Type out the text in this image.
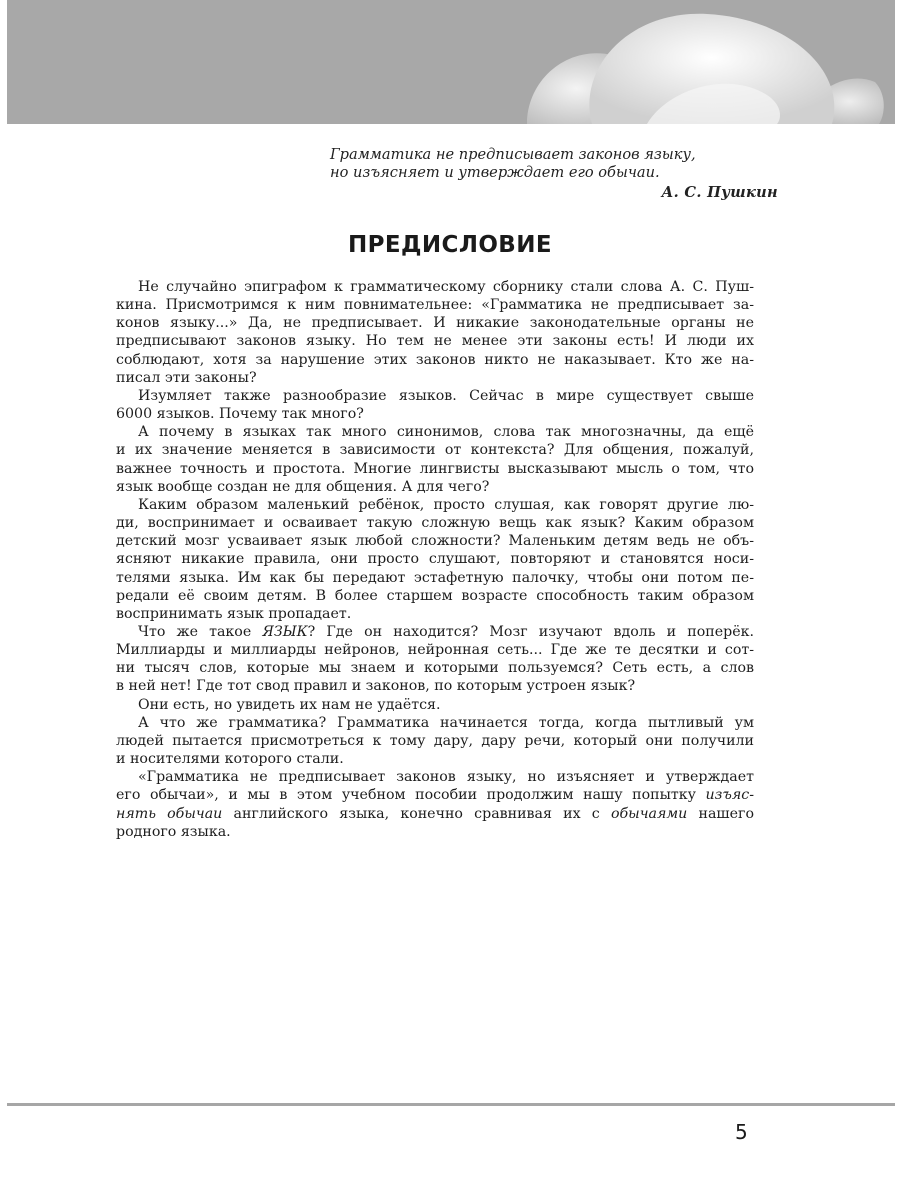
Грамматика не предписывает законов языку,
но изъясняет и утверждает его обычаи.
А. С. Пушкин
ПРЕДИСЛОВИЕ
Не случайно эпиграфом к грамматическому сборнику стали слова А. С. Пуш-
кина. Присмотримся к ним повнимательнее: «Грамматика не предписывает за-
конов языку...» Да, не предписывает. И никакие законодательные органы не
предписывают законов языку. Но тем не менее эти законы есть! И люди их
соблюдают, хотя за нарушение этих законов никто не наказывает. Кто же на-
писал эти законы?
Изумляет также разнообразие языков. Сейчас в мире существует свыше
6000 языков. Почему так много?
А почему в языках так много синонимов, слова так многозначны, да ещё
и их значение меняется в зависимости от контекста? Для общения, пожалуй,
важнее точность и простота. Многие лингвисты высказывают мысль о том, что
язык вообще создан не для общения. А для чего?
Каким образом маленький ребёнок, просто слушая, как говорят другие лю-
ди, воспринимает и осваивает такую сложную вещь как язык? Каким образом
детский мозг усваивает язык любой сложности? Маленьким детям ведь не объ-
ясняют никакие правила, они просто слушают, повторяют и становятся носи-
телями языка. Им как бы передают эстафетную палочку, чтобы они потом пе-
редали её своим детям. В более старшем возрасте способность таким образом
воспринимать язык пропадает.
Что же такое ЯЗЫК? Где он находится? Мозг изучают вдоль и поперёк.
Миллиарды и миллиарды нейронов, нейронная сеть... Где же те десятки и сот-
ни тысяч слов, которые мы знаем и которыми пользуемся? Сеть есть, а слов
в ней нет! Где тот свод правил и законов, по которым устроен язык?
Они есть, но увидеть их нам не удаётся.
А что же грамматика? Грамматика начинается тогда, когда пытливый ум
людей пытается присмотреться к тому дару, дару речи, который они получили
и носителями которого стали.
«Грамматика не предписывает законов языку, но изъясняет и утверждает
его обычаи», и мы в этом учебном пособии продолжим нашу попытку изъяс-
нять обычаи английского языка, конечно сравнивая их с обычаями нашего
родного языка.
5
